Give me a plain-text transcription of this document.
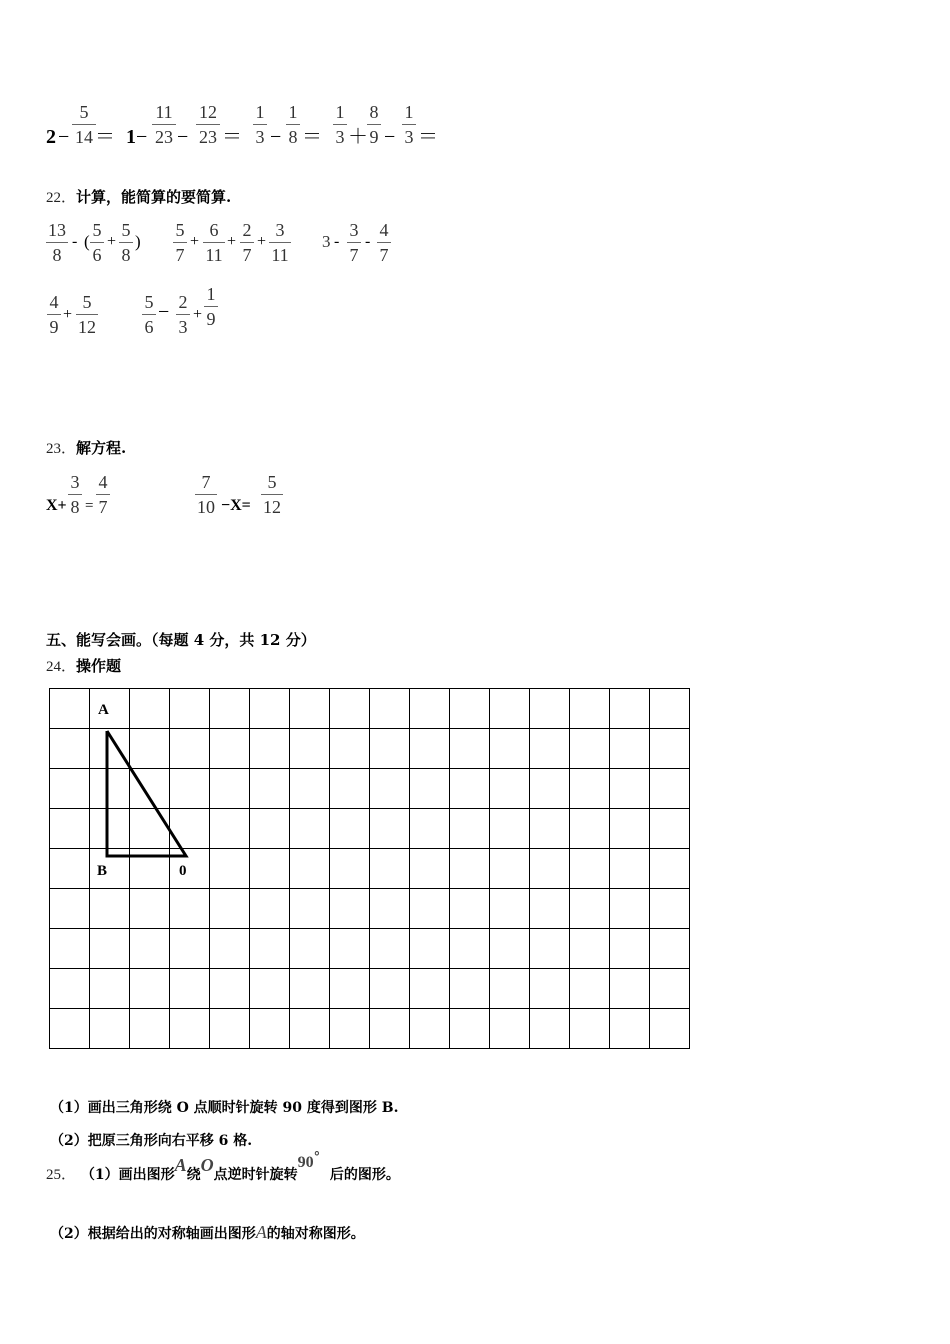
2 −
5
14 ＝ 1 −
11
23 −
12
23 ＝
1
3 −
1
8 ＝
1
3 ＋
8
9 −
1
3 ＝
22．计算，能简算的要简算.
13
8
- (
5
6
+
5
8
)
5
7
+
6
11
+
2
7
+
3
11
3 -
3
7
-
4
7
4
9
+
5
12
5
6
− 2
3
+
1
9
23．解方程.
X+
3
8 =
4
7
7
10 −X=
5
12
五、能写会画。（每题 4 分，共 12 分）
24．操作题

A
B	0
（1）画出三角形绕 O 点顺时针旋转 90 度得到图形 B.
（2）把原三角形向右平移 6 格.
25． （1）画出图形A绕O点逆时针旋转90°  后的图形。
（2）根据给出的对称轴画出图形A的轴对称图形。
